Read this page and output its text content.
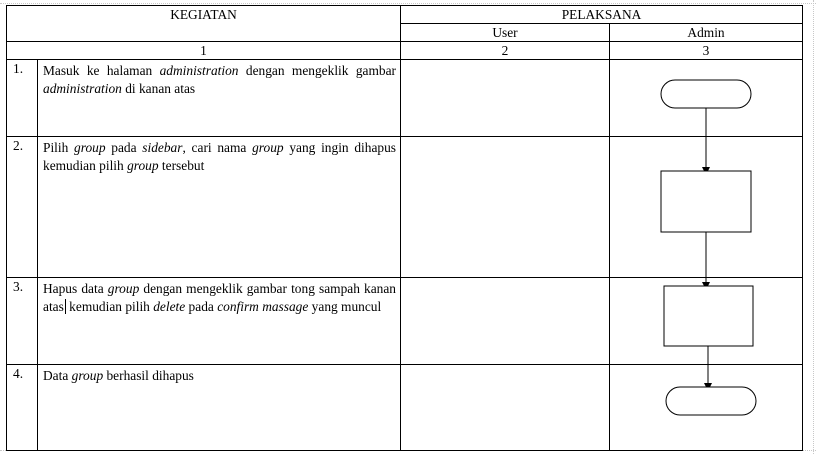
KEGIATAN		PELAKSANA	
		User	Admin
1		2	3
1.	Masuk ke halaman administration dengan mengeklik gambar administration di kanan atas		
2.	Pilih group pada sidebar, cari nama group yang ingin dihapus kemudian pilih group tersebut		
3.	Hapus data group dengan mengeklik gambar tong sampah kanan atas kemudian pilih delete pada confirm massage yang muncul		
4.	Data group berhasil dihapus		
